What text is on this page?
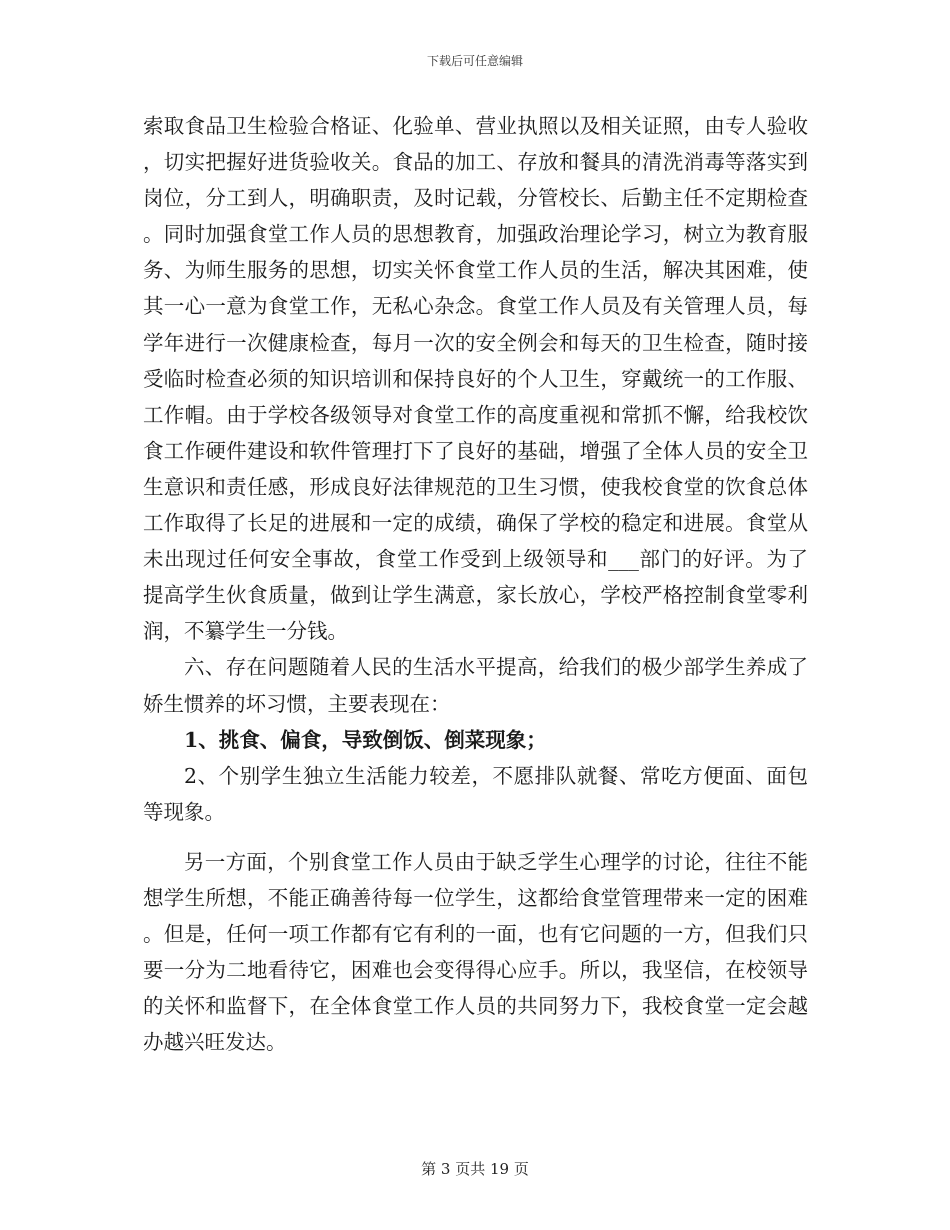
下载后可任意编辑

索取食品卫生检验合格证、化验单、营业执照以及相关证照，由专人验收，切实把握好进货验收关。食品的加工、存放和餐具的清洗消毒等落实到岗位，分工到人，明确职责，及时记载，分管校长、后勤主任不定期检查。同时加强食堂工作人员的思想教育，加强政治理论学习，树立为教育服务、为师生服务的思想，切实关怀食堂工作人员的生活，解决其困难，使其一心一意为食堂工作，无私心杂念。食堂工作人员及有关管理人员，每学年进行一次健康检查，每月一次的安全例会和每天的卫生检查，随时接受临时检查必须的知识培训和保持良好的个人卫生，穿戴统一的工作服、工作帽。由于学校各级领导对食堂工作的高度重视和常抓不懈，给我校饮食工作硬件建设和软件管理打下了良好的基础，增强了全体人员的安全卫生意识和责任感，形成良好法律规范的卫生习惯，使我校食堂的饮食总体工作取得了长足的进展和一定的成绩，确保了学校的稳定和进展。食堂从未出现过任何安全事故，食堂工作受到上级领导和___部门的好评。为了提高学生伙食质量，做到让学生满意，家长放心，学校严格控制食堂零利润，不纂学生一分钱。

六、存在问题随着人民的生活水平提高，给我们的极少部学生养成了娇生惯养的坏习惯，主要表现在：

1、挑食、偏食，导致倒饭、倒菜现象；

2、个别学生独立生活能力较差，不愿排队就餐、常吃方便面、面包等现象。

另一方面，个别食堂工作人员由于缺乏学生心理学的讨论，往往不能想学生所想，不能正确善待每一位学生，这都给食堂管理带来一定的困难。但是，任何一项工作都有它有利的一面，也有它问题的一方，但我们只要一分为二地看待它，困难也会变得得心应手。所以，我坚信，在校领导的关怀和监督下，在全体食堂工作人员的共同努力下，我校食堂一定会越办越兴旺发达。

第 3 页共 19 页
